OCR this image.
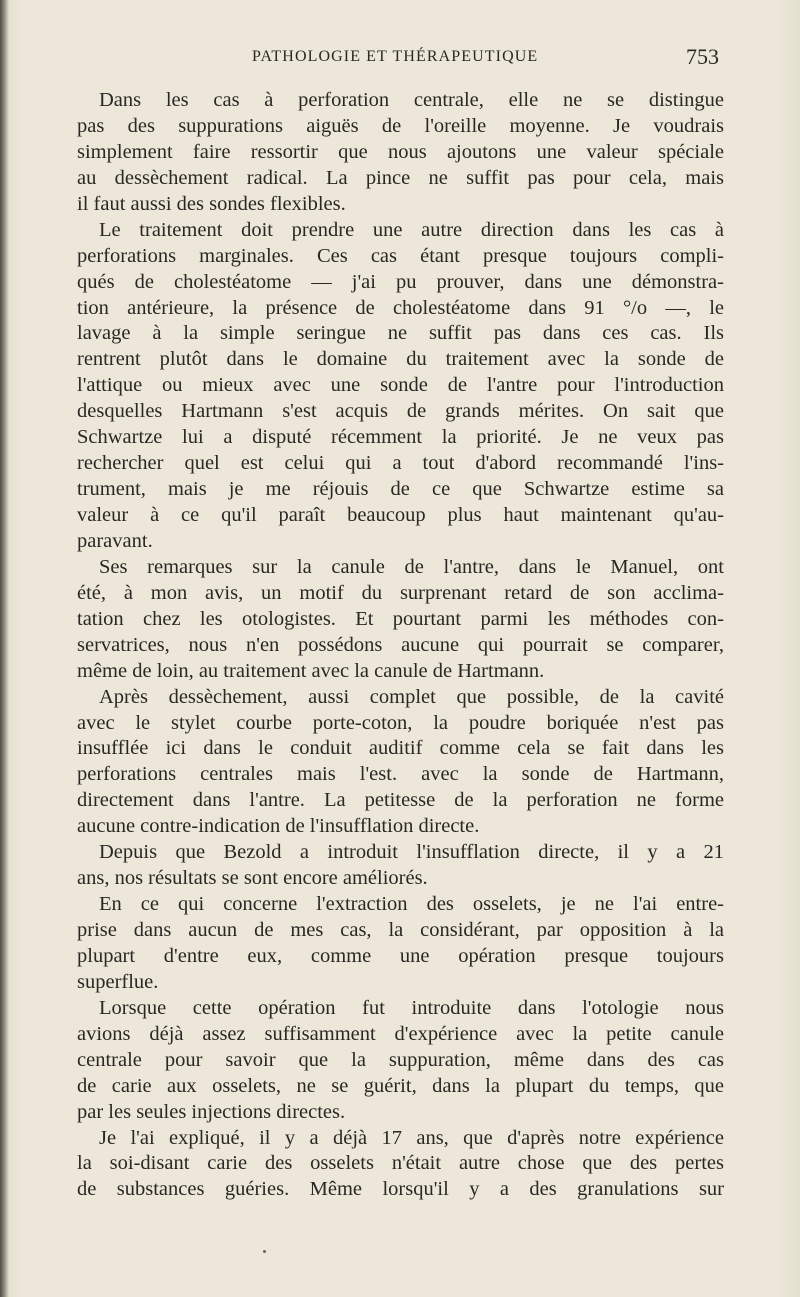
PATHOLOGIE ET THÉRAPEUTIQUE	753
Dans les cas à perforation centrale, elle ne se distingue
pas des suppurations aiguës de l'oreille moyenne. Je voudrais
simplement faire ressortir que nous ajoutons une valeur spéciale
au dessèchement radical. La pince ne suffit pas pour cela, mais
il faut aussi des sondes flexibles.
Le traitement doit prendre une autre direction dans les cas à
perforations marginales. Ces cas étant presque toujours compli-
qués de cholestéatome — j'ai pu prouver, dans une démonstra-
tion antérieure, la présence de cholestéatome dans 91 °/o —, le
lavage à la simple seringue ne suffit pas dans ces cas. Ils
rentrent plutôt dans le domaine du traitement avec la sonde de
l'attique ou mieux avec une sonde de l'antre pour l'introduction
desquelles Hartmann s'est acquis de grands mérites. On sait que
Schwartze lui a disputé récemment la priorité. Je ne veux pas
rechercher quel est celui qui a tout d'abord recommandé l'ins-
trument, mais je me réjouis de ce que Schwartze estime sa
valeur à ce qu'il paraît beaucoup plus haut maintenant qu'au-
paravant.
Ses remarques sur la canule de l'antre, dans le Manuel, ont
été, à mon avis, un motif du surprenant retard de son acclima-
tation chez les otologistes. Et pourtant parmi les méthodes con-
servatrices, nous n'en possédons aucune qui pourrait se comparer,
même de loin, au traitement avec la canule de Hartmann.
Après dessèchement, aussi complet que possible, de la cavité
avec le stylet courbe porte-coton, la poudre boriquée n'est pas
insufflée ici dans le conduit auditif comme cela se fait dans les
perforations centrales mais l'est. avec la sonde de Hartmann,
directement dans l'antre. La petitesse de la perforation ne forme
aucune contre-indication de l'insufflation directe.
Depuis que Bezold a introduit l'insufflation directe, il y a 21
ans, nos résultats se sont encore améliorés.
En ce qui concerne l'extraction des osselets, je ne l'ai entre-
prise dans aucun de mes cas, la considérant, par opposition à la
plupart d'entre eux, comme une opération presque toujours
superflue.
Lorsque cette opération fut introduite dans l'otologie nous
avions déjà assez suffisamment d'expérience avec la petite canule
centrale pour savoir que la suppuration, même dans des cas
de carie aux osselets, ne se guérit, dans la plupart du temps, que
par les seules injections directes.
Je l'ai expliqué, il y a déjà 17 ans, que d'après notre expérience
la soi-disant carie des osselets n'était autre chose que des pertes
de substances guéries. Même lorsqu'il y a des granulations sur
